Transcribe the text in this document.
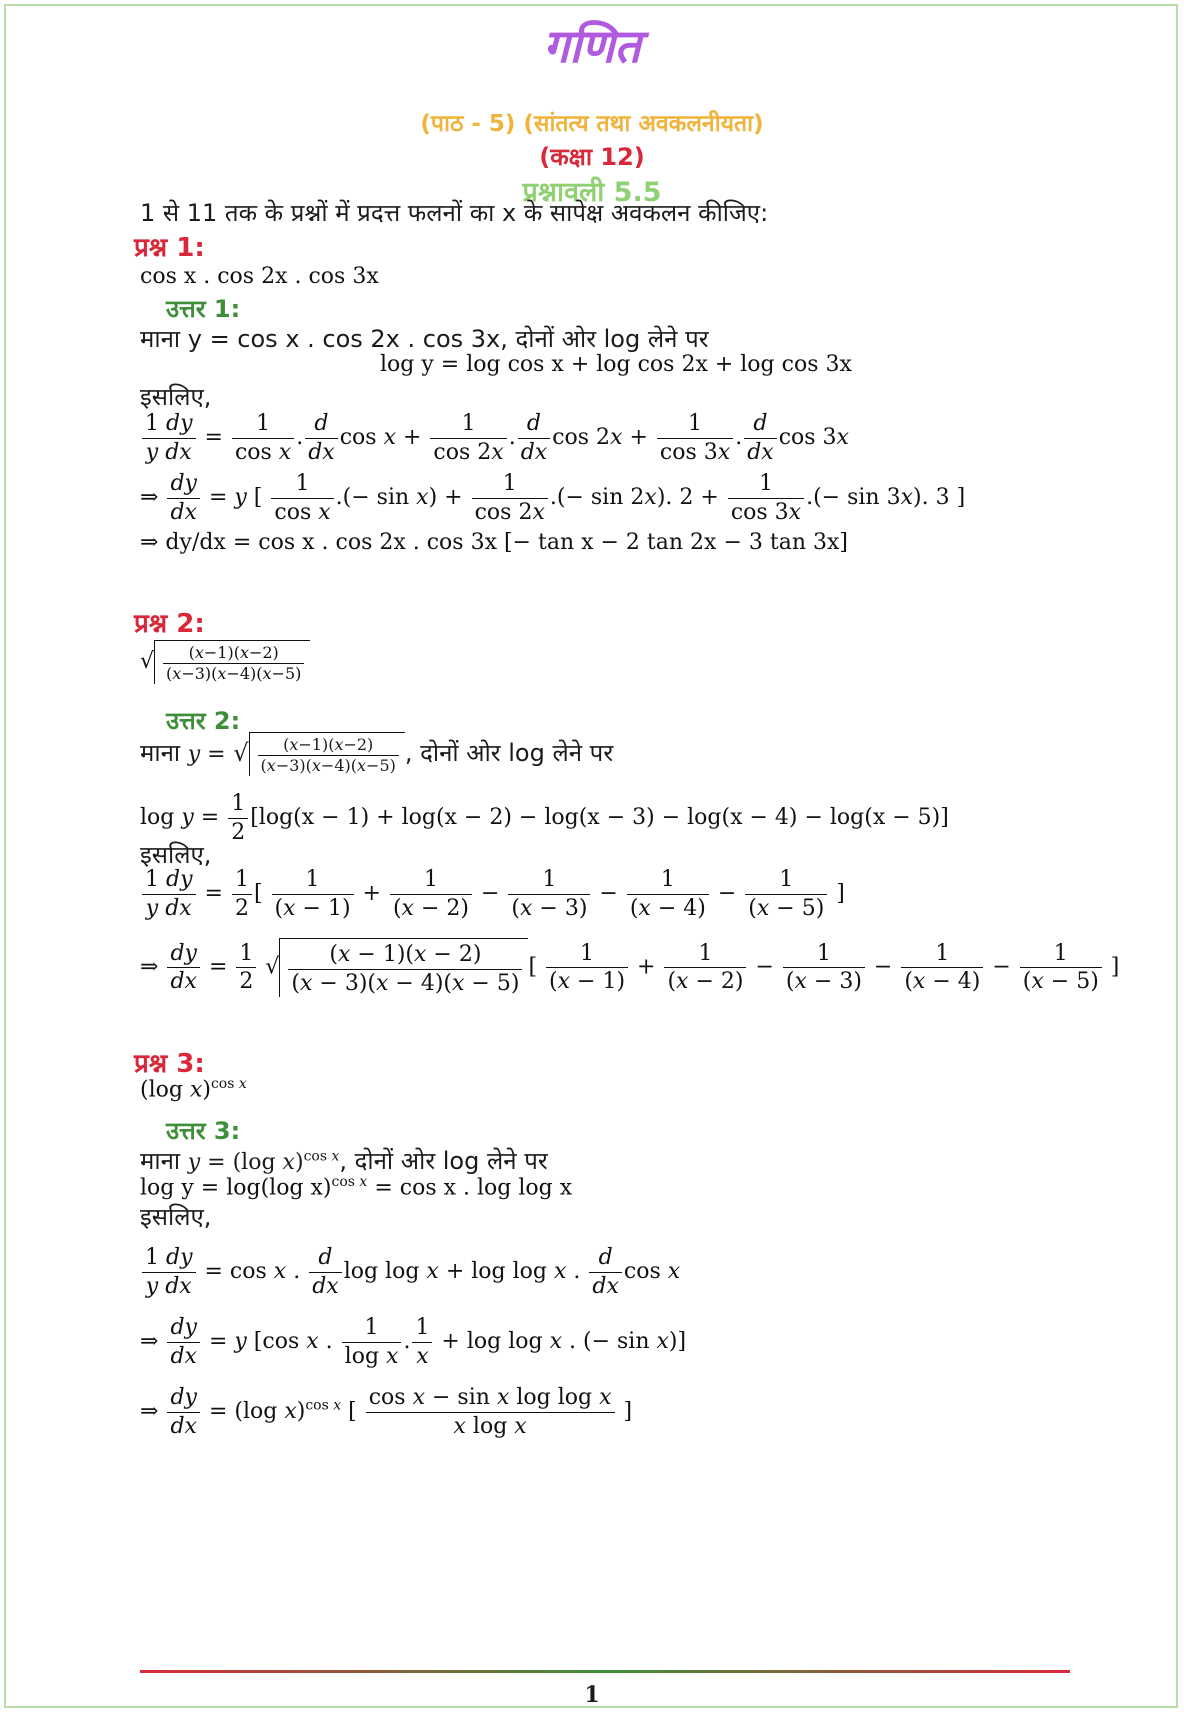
गणित
(पाठ - 5) (सांतत्य तथा अवकलनीयता)
(कक्षा 12)
प्रश्नावली 5.5
1 से 11 तक के प्रश्नों में प्रदत्त फलनों का x के सापेक्ष अवकलन कीजिए:
प्रश्न 1:
cos x . cos 2x . cos 3x
उत्तर 1:
माना y = cos x . cos 2x . cos 3x, दोनों ओर log लेने पर
log y = log cos x + log cos 2x + log cos 3x
इसलिए,
$\frac{1 dy}{\text{y dx}} = \frac{1}{\text{cos x}}$ . $\frac{d}{dx}$ $\cos x + \frac{1}{\cos 2x}$ . $\frac{d}{dx}$ $\cos 2x + \frac{1}{\cos 3x}$ . $\frac{d}{dx}$ cos 3x
⇒ $\frac{dy}{dx} = y$ [ $\frac{1}{\text{cos x}}$ .(− $\sin x) + \frac{1}{\cos 2x}$ .(− sin 2x). $2 + \frac{1}{\cos 3x}$ .(− sin 3x). 3 ]
⇒ dy/dx = cos x . cos 2x . cos 3x [− tan x − 2 tan 2x − 3 tan 3x]
प्रश्न 2:
√ $\frac{(x-1)(x-2)}{(x-3)(x-4)(x-5)}$
उत्तर 2:
माना y = √ $\frac{(x-1)(x-2)}{(x-3)(x-4)(x-5)}$ , दोनों ओर log लेने पर
$\log y = \frac{1}{2} [\log(x - 1) + \log(x - 2) - \log(x - 3) - \log(x - 4) - \log(x - 5)]$
इसलिए,
$\frac{1 dy}{\text{y dx}} = \frac{1}{2}$ [ $\frac{1}{(x - 1)} + \frac{1}{(x - 2)} - \frac{1}{(x - 3)} - \frac{1}{(x - 4)} - \frac{1}{(x - 5)}$ ]
⇒ $\frac{dy}{dx} = \frac{1}{2}$ √ $\frac{(x - 1)(x - 2)}{(x - 3)(x - 4)(x - 5)}$ [ $\frac{1}{(x - 1)} + \frac{1}{(x - 2)} - \frac{1}{(x - 3)} - \frac{1}{(x - 4)} - \frac{1}{(x - 5)}$ ]
प्रश्न 3:
(log x)$^{cos x}$
उत्तर 3:
माना y = (log x)$^{cos x}$, दोनों ओर log लेने पर
log y = log(log x)$^{cos x}$ = cos x . log log x
इसलिए,
$\frac{1 dy}{\text{y dx}} = \cos x$ . $\frac{d}{dx}$ log log x + log log x . $\frac{d}{dx}$ cos x
⇒ $\frac{dy}{dx} = y$ [cos x . $\frac{1}{\text{log x}}$ . $\frac{1}{x} + \log \log x$ . (− sin x)]
⇒ $\frac{dy}{dx} = (\log$ x)$^{cos x}$ [ $\frac{\text{cos x − sin x log log x}}{\text{x log x}}$ ]
1
